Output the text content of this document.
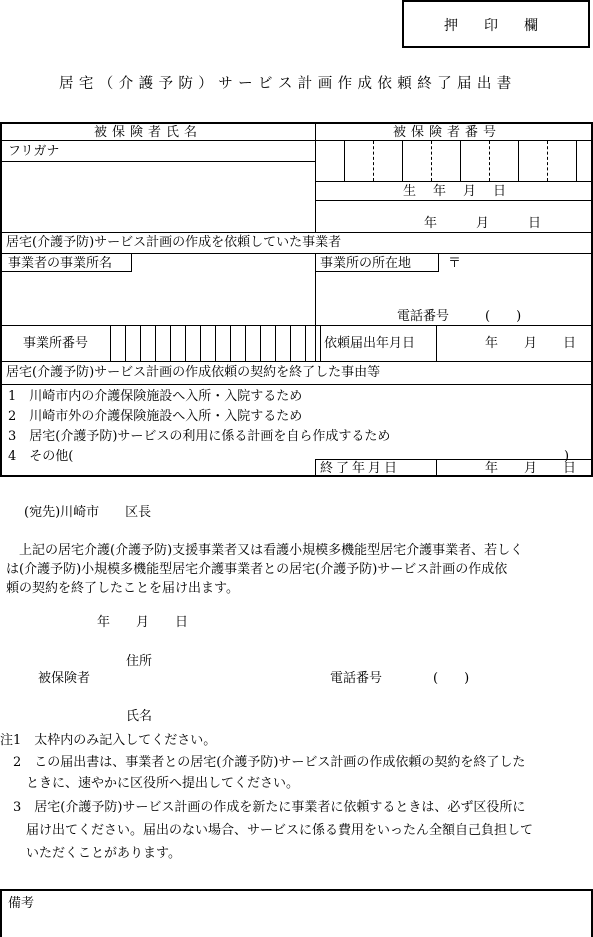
押　印　欄
居宅（介護予防）サービス計画作成依頼終了届出書
被保険者氏名	被保険者番号
フリガナ
生　年　月　日
年　　　月　　　日
居宅(介護予防)サービス計画の作成を依頼していた事業者
事業者の事業所名	事業所の所在地	〒
電話番号	(　　)
事業所番号	依頼届出年月日	年　　月　　日
居宅(介護予防)サービス計画の作成依頼の契約を終了した事由等
1　川崎市内の介護保険施設へ入所・入院するため
2　川崎市外の介護保険施設へ入所・入院するため
3　居宅(介護予防)サービスの利用に係る計画を自ら作成するため
4　その他(	)
終了年月日	年　　月　　日
(宛先)川崎市　　区長
　上記の居宅介護(介護予防)支援事業者又は看護小規模多機能型居宅介護事業者、若しく
は(介護予防)小規模多機能型居宅介護事業者との居宅(介護予防)サービス計画の作成依
頼の契約を終了したことを届け出ます。
年　　月　　日
住所
被保険者	電話番号	(　　)
氏名
注1　太枠内のみ記入してください。
　2　この届出書は、事業者との居宅(介護予防)サービス計画の作成依頼の契約を終了した
　　ときに、速やかに区役所へ提出してください。
　3　居宅(介護予防)サービス計画の作成を新たに事業者に依頼するときは、必ず区役所に
　　届け出てください。届出のない場合、サービスに係る費用をいったん全額自己負担して
　　いただくことがあります。
備考
